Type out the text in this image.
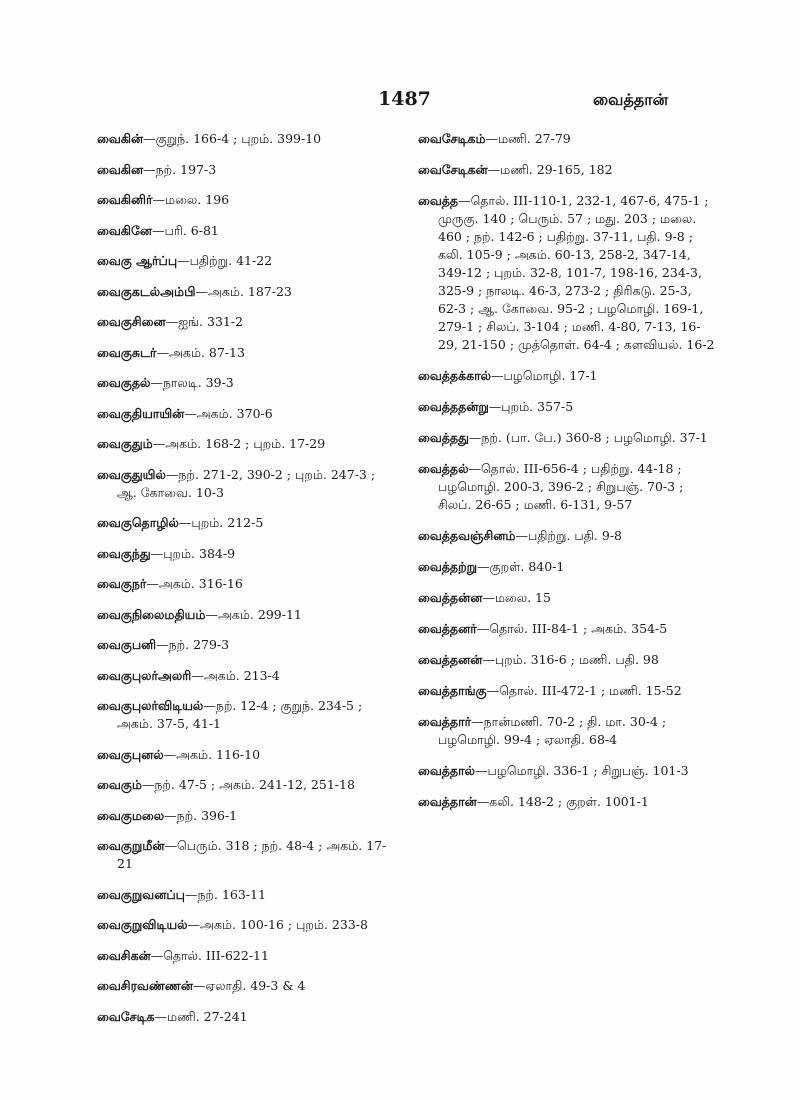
1487	வைத்தான்

வைகின்—குறுந். 166-4 ; புறம். 399-10

வைகின—நற். 197-3

வைகினிர்—மலை. 196

வைகினே—பரி. 6-81

வைகு ஆர்ப்பு—பதிற்று. 41-22

வைகுகடல்அம்பி—அகம். 187-23

வைகுசினை—ஐங். 331-2

வைகுசுடர்—அகம். 87-13

வைகுதல்—நாலடி. 39-3

வைகுதியாயின்—அகம். 370-6

வைகுதும்—அகம். 168-2 ; புறம். 17-29

வைகுதுயில்—நற். 271-2, 390-2 ; புறம். 247-3 ; ஆ. கோவை. 10-3

வைகுதொழில்—புறம். 212-5

வைகுந்து—புறம். 384-9

வைகுநர்—அகம். 316-16

வைகுநிலைமதியம்—அகம். 299-11

வைகுபனி—நற். 279-3

வைகுபுலர்அலரி—அகம். 213-4

வைகுபுலர்விடியல்—நற். 12-4 ; குறுந். 234-5 ; அகம். 37-5, 41-1

வைகுபுனல்—அகம். 116-10

வைகும்—நற். 47-5 ; அகம். 241-12, 251-18

வைகுமலை—நற். 396-1

வைகுறுமீன்—பெரும். 318 ; நற். 48-4 ; அகம். 17-21

வைகுறுவனப்பு—நற். 163-11

வைகுறுவிடியல்—அகம். 100-16 ; புறம். 233-8

வைசிகன்—தொல். III-622-11

வைசிரவண்ணன்—ஏலாதி. 49-3 & 4

வைசேடிக—மணி. 27-241

வைசேடிகம்—மணி. 27-79

வைசேடிகன்—மணி. 29-165, 182

வைத்த—தொல். III-110-1, 232-1, 467-6, 475-1 ; முருகு. 140 ; பெரும். 57 ; மது. 203 ; மலை. 460 ; நற். 142-6 ; பதிற்று. 37-11, பதி. 9-8 ; கலி. 105-9 ; அகம். 60-13, 258-2, 347-14, 349-12 ; புறம். 32-8, 101-7, 198-16, 234-3, 325-9 ; நாலடி. 46-3, 273-2 ; திரிகடு. 25-3, 62-3 ; ஆ. கோவை. 95-2 ; பழமொழி. 169-1, 279-1 ; சிலப். 3-104 ; மணி. 4-80, 7-13, 16-29, 21-150 ; முத்தொள். 64-4 ; களவியல். 16-2

வைத்தக்கால்—பழமொழி. 17-1

வைத்ததன்று—புறம். 357-5

வைத்தது—நற். (பா. பே.) 360-8 ; பழமொழி. 37-1

வைத்தல்—தொல். III-656-4 ; பதிற்று. 44-18 ; பழமொழி. 200-3, 396-2 ; சிறுபஞ். 70-3 ; சிலப். 26-65 ; மணி. 6-131, 9-57

வைத்தவஞ்சினம்—பதிற்று. பதி. 9-8

வைத்தற்று—குறள். 840-1

வைத்தன்ன—மலை. 15

வைத்தனர்—தொல். III-84-1 ; அகம். 354-5

வைத்தனன்—புறம். 316-6 ; மணி. பதி. 98

வைத்தாங்கு—தொல். III-472-1 ; மணி. 15-52

வைத்தார்—நான்மணி. 70-2 ; தி. மா. 30-4 ; பழமொழி. 99-4 ; ஏலாதி. 68-4

வைத்தால்—பழமொழி. 336-1 ; சிறுபஞ். 101-3

வைத்தான்—கலி. 148-2 ; குறள். 1001-1
